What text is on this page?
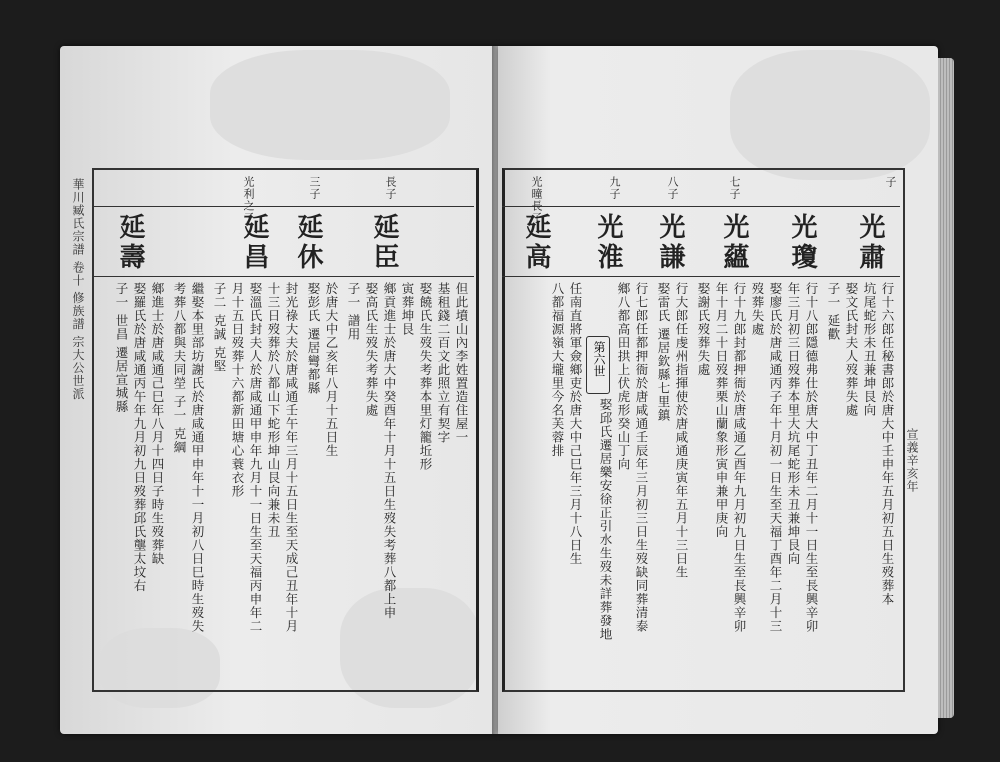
華川臧氏宗譜 卷十 修族譜 宗大公世派	長子
延臣
三子
延休
光利之子
延昌
延壽
但此墳山內李姓置造住屋一
基租錢二百文此照立有契字
娶饒氏生歿失考葬本里灯籠坵形
寅葬坤艮
鄉貢進士於唐大中癸酉年十月十五日生歿失考葬八都上申
娶高氏生歿失考葬失處
子一 譜用
於唐大中乙亥年八月十五日生
娶彭氏 遷居彎都縣
封光祿大夫於唐咸通壬午年三月十五日生至天成己丑年十月
十三日歿葬於八都山下蛇形坤山艮向兼未丑
娶溫氏封夫人於唐咸通甲申年九月十一日生至天福丙申年二
月十五日歿葬十六都新田塘心蓑衣形
子二 克誠 克堅
繼娶本里部坊謝氏於唐咸通甲申年十一月初八日巳時生歿失
考葬八都與夫同塋 子一 克綱
鄉進士於唐咸通己巳年八月十四日子時生歿葬缺
娶羅氏於唐咸通丙午年九月初九日歿葬邱氏壟太坟右
子一 世昌 遷居宣城縣
宣義辛亥年
子
光肅
光瓊
七子
光蘊
八子
光謙
九子
光淮
光曈長子
延高
第六世	行十六郎任秘書郎於唐大中壬申年五月初五日生歿葬本
坑尾蛇形未丑兼坤艮向
娶文氏封夫人歿葬失處
子一 延歡
行十八郎隱德弗仕於唐大中丁丑年二月十一日生至長興辛卯
年三月初三日歿葬本里大坑尾蛇形未丑兼坤艮向
娶廖氏於唐咸通丙子年十月初一日生至天福丁酉年二月十三
歿葬失處
行十九郎封都押衙於唐咸通乙酉年九月初九日生至長興辛卯
年十月二十日歿葬栗山蘭象形寅申兼甲庚向
娶謝氏歿葬失處
行大郎任虔州指揮使於唐咸通庚寅年五月十三日生
娶雷氏 遷居欽縣七里鎮
行七郎任都押衙於唐咸通壬辰年三月初三日生歿缺同葬清泰
鄉八都高田拱上伏虎形癸山丁向
娶邱氏遷居樂安徐正引水生歿未詳葬發地
任南直將軍僉鄉吏於唐大中己巳年三月十八日生
八都福源嶺大壠里今名芙蓉排
